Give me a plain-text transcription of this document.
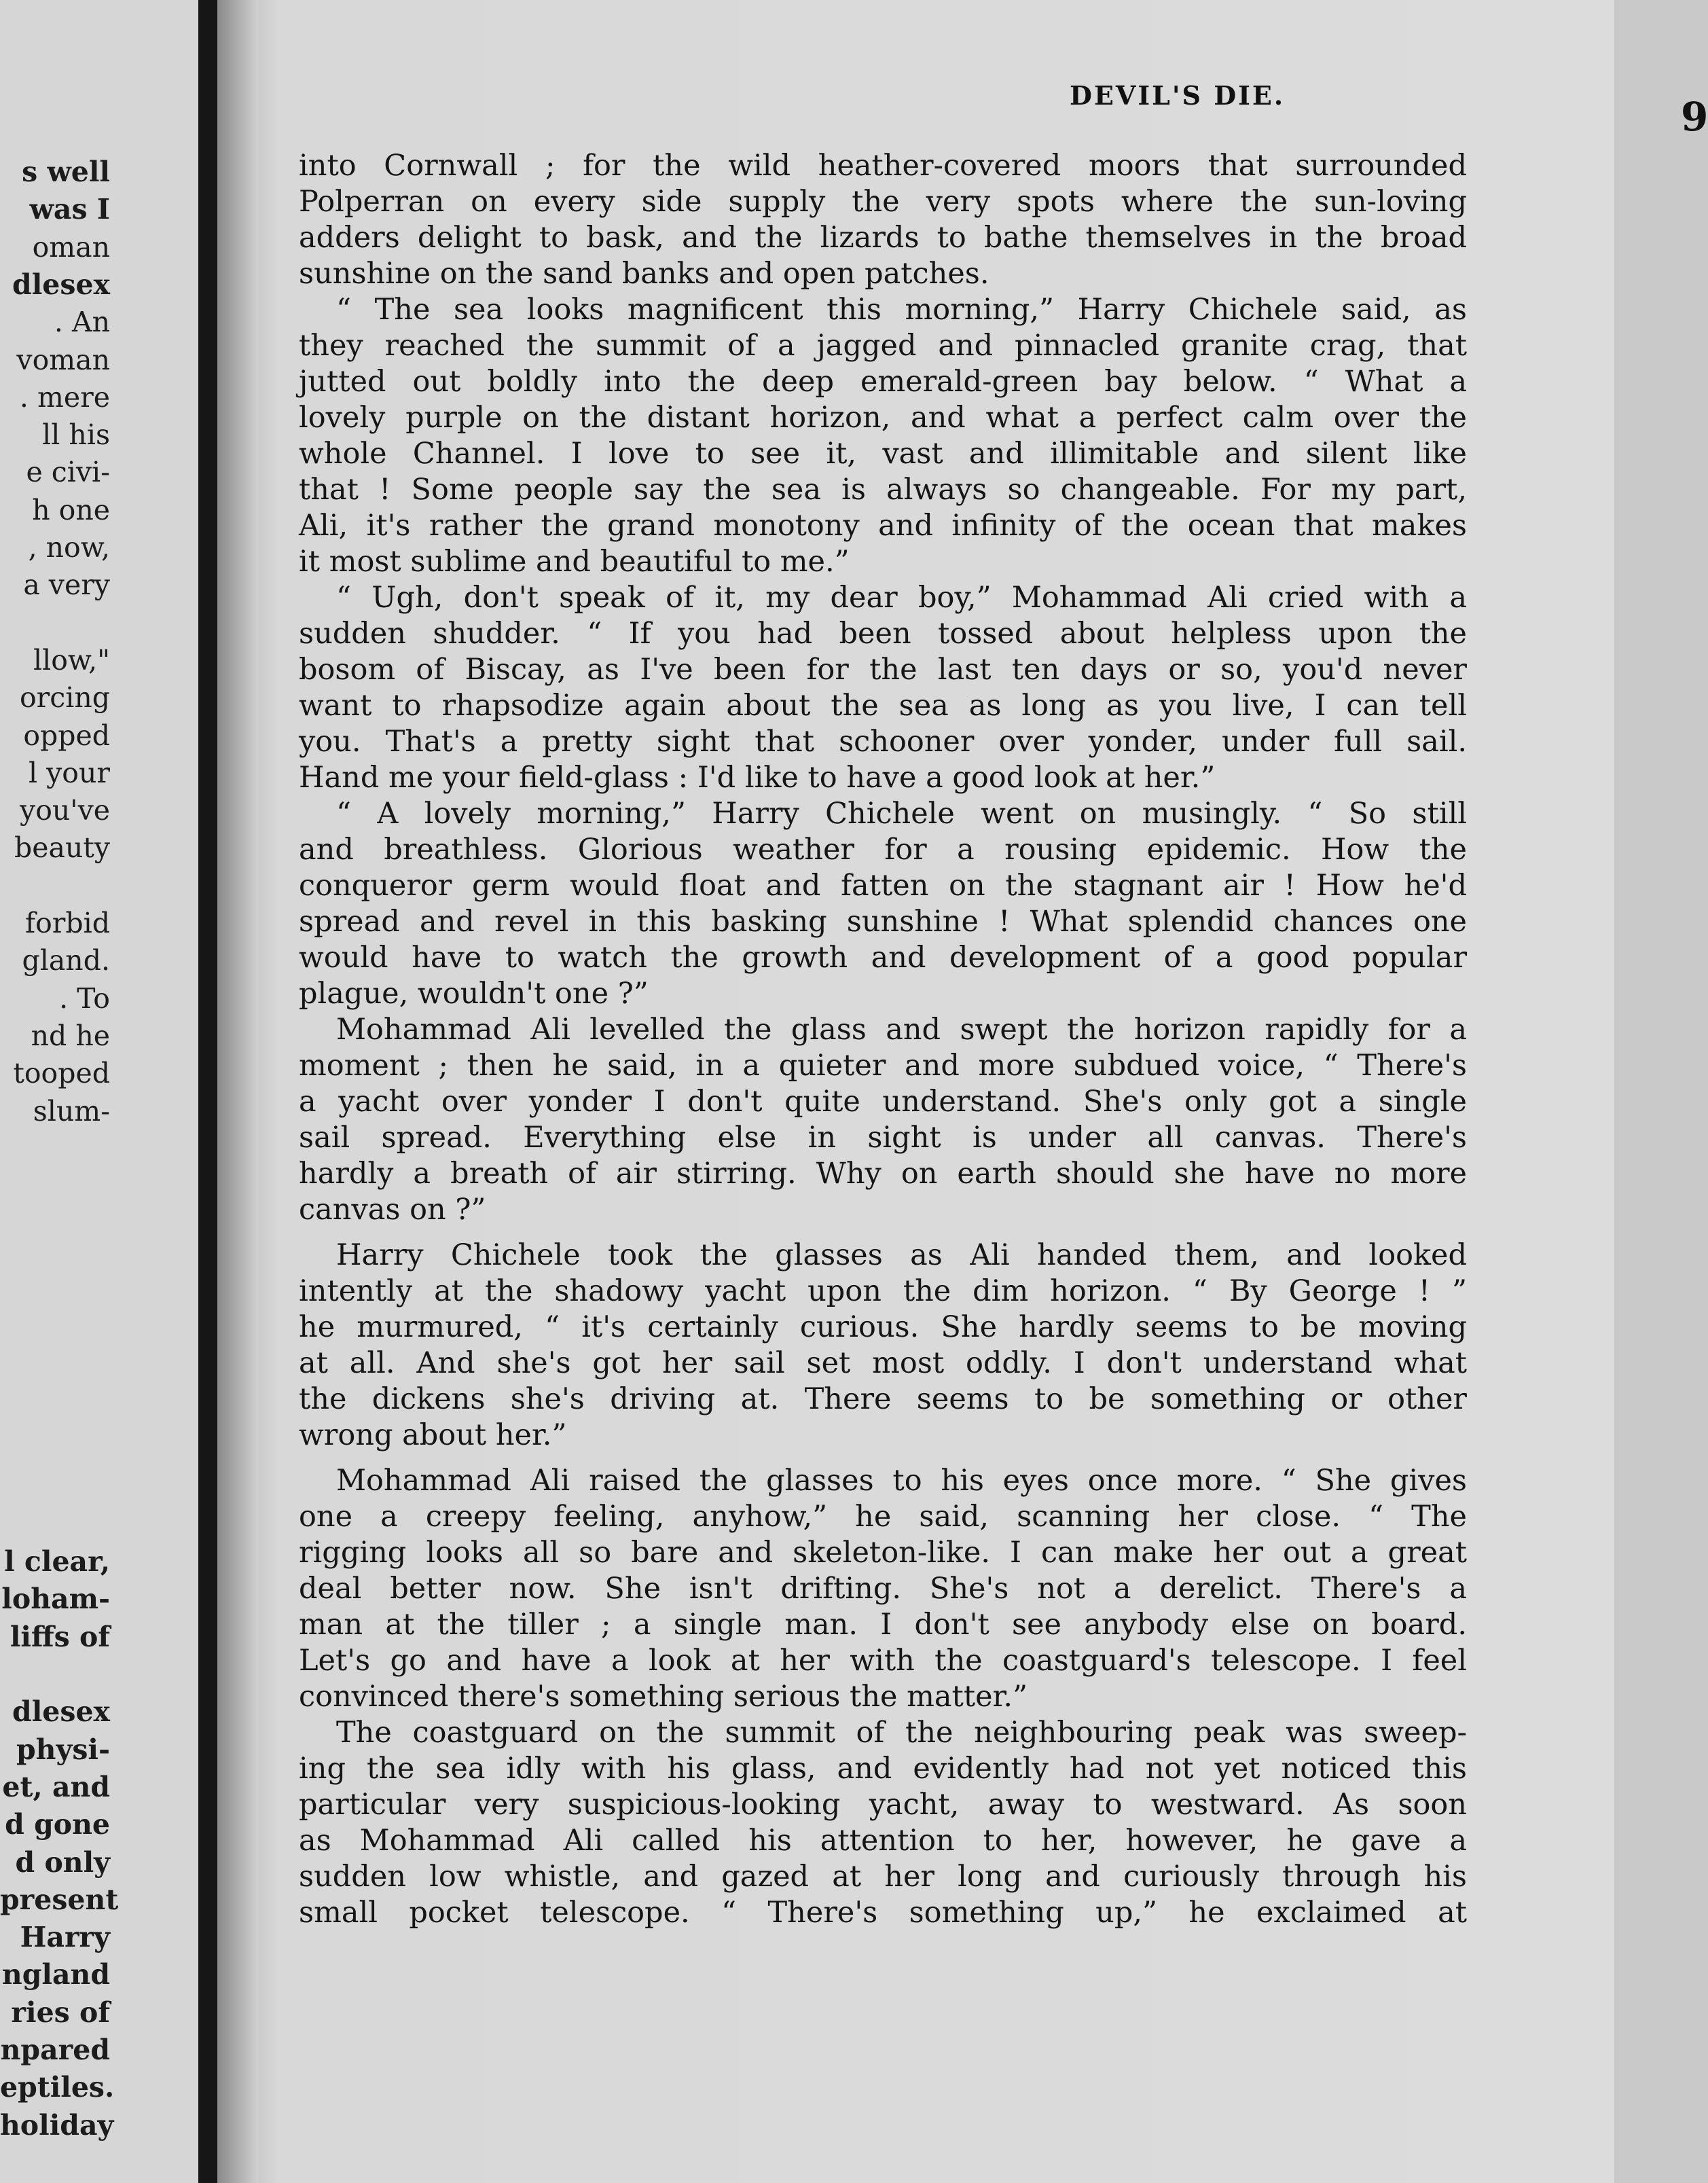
s well
was I
oman
dlesex
. An
voman
. mere
ll his
e civi-
h one
, now,
a very
llow,"
orcing
opped
l your
you've
beauty
forbid
gland.
. To
nd he
tooped
slum-
l clear,
loham-
liffs of
dlesex
physi-
et, and
d gone
d only
present
Harry
ngland
ries of
npared
eptiles.
holiday
DEVIL'S DIE.	9
into Cornwall ; for the wild heather-covered moors that surrounded
Polperran on every side supply the very spots where the sun-loving
adders delight to bask, and the lizards to bathe themselves in the broad
sunshine on the sand banks and open patches.
“ The sea looks magnificent this morning,” Harry Chichele said, as
they reached the summit of a jagged and pinnacled granite crag, that
jutted out boldly into the deep emerald-green bay below. “ What a
lovely purple on the distant horizon, and what a perfect calm over the
whole Channel. I love to see it, vast and illimitable and silent like
that ! Some people say the sea is always so changeable. For my part,
Ali, it's rather the grand monotony and infinity of the ocean that makes
it most sublime and beautiful to me.”
“ Ugh, don't speak of it, my dear boy,” Mohammad Ali cried with a
sudden shudder. “ If you had been tossed about helpless upon the
bosom of Biscay, as I've been for the last ten days or so, you'd never
want to rhapsodize again about the sea as long as you live, I can tell
you. That's a pretty sight that schooner over yonder, under full sail.
Hand me your field-glass : I'd like to have a good look at her.”
“ A lovely morning,” Harry Chichele went on musingly. “ So still
and breathless. Glorious weather for a rousing epidemic. How the
conqueror germ would float and fatten on the stagnant air ! How he'd
spread and revel in this basking sunshine ! What splendid chances one
would have to watch the growth and development of a good popular
plague, wouldn't one ?”
Mohammad Ali levelled the glass and swept the horizon rapidly for a
moment ; then he said, in a quieter and more subdued voice, “ There's
a yacht over yonder I don't quite understand. She's only got a single
sail spread. Everything else in sight is under all canvas. There's
hardly a breath of air stirring. Why on earth should she have no more
canvas on ?”
Harry Chichele took the glasses as Ali handed them, and looked
intently at the shadowy yacht upon the dim horizon. “ By George ! ”
he murmured, “ it's certainly curious. She hardly seems to be moving
at all. And she's got her sail set most oddly. I don't understand what
the dickens she's driving at. There seems to be something or other
wrong about her.”
Mohammad Ali raised the glasses to his eyes once more. “ She gives
one a creepy feeling, anyhow,” he said, scanning her close. “ The
rigging looks all so bare and skeleton-like. I can make her out a great
deal better now. She isn't drifting. She's not a derelict. There's a
man at the tiller ; a single man. I don't see anybody else on board.
Let's go and have a look at her with the coastguard's telescope. I feel
convinced there's something serious the matter.”
The coastguard on the summit of the neighbouring peak was sweep-
ing the sea idly with his glass, and evidently had not yet noticed this
particular very suspicious-looking yacht, away to westward. As soon
as Mohammad Ali called his attention to her, however, he gave a
sudden low whistle, and gazed at her long and curiously through his
small pocket telescope. “ There's something up,” he exclaimed at
